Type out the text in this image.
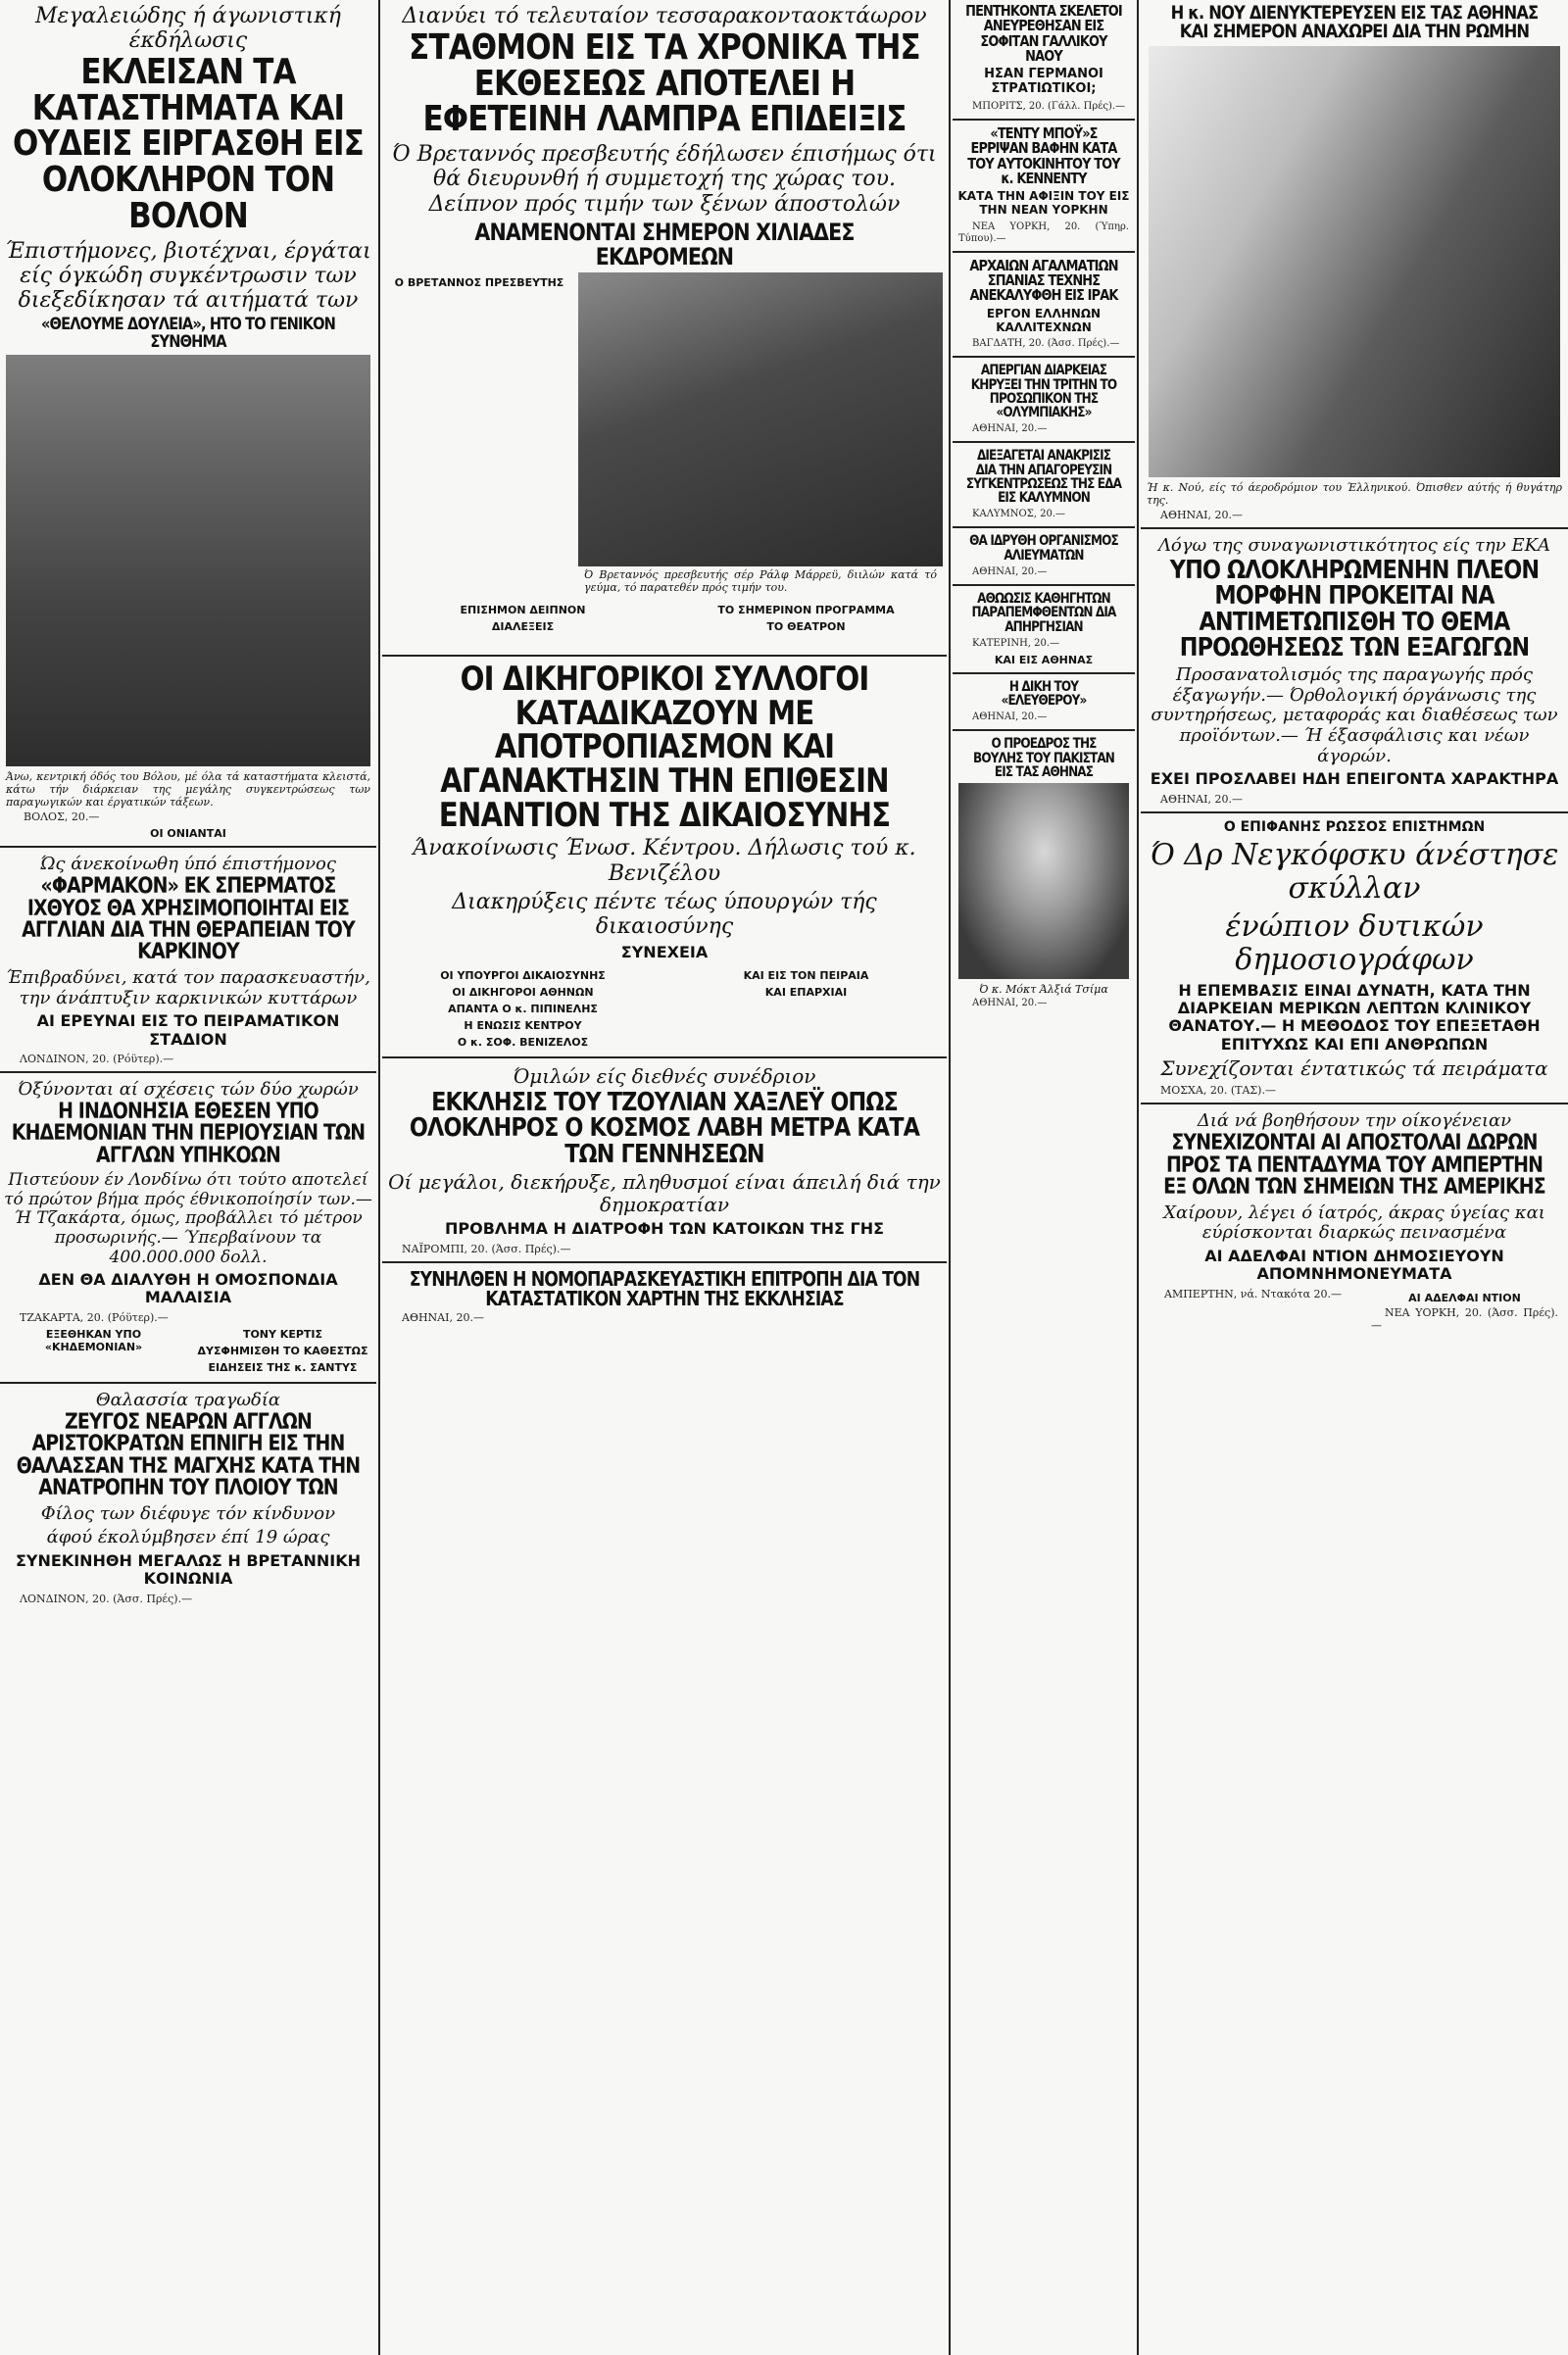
Μεγαλειώδης ή άγωνιστική έκδήλωσις
ΕΚΛΕΙΣΑΝ ΤΑ ΚΑΤΑΣΤΗΜΑΤΑ ΚΑΙ ΟΥΔΕΙΣ ΕΙΡΓΑΣΘΗ ΕΙΣ ΟΛΟΚΛΗΡΟΝ ΤΟΝ ΒΟΛΟΝ
Έπιστήμονες, βιοτέχναι, έργάται είς όγκώδη συγκέντρωσιν των διεξεδίκησαν τά αιτήματά των
«ΘΕΛΟΥΜΕ ΔΟΥΛΕΙΑ», ΗΤΟ ΤΟ ΓΕΝΙΚΟΝ ΣΥΝΘΗΜΑ
Άνω, κεντρική όδός του Βόλου, μέ όλα τά καταστήματα κλειστά, κάτω τήν διάρκειαν της μεγάλης συγκεντρώσεως των παραγωγικών και έργατικών τάξεων.

ΒΟΛΟΣ, 20.—

ΟΙ ΟΝΙΑΝΤΑΙ
Ώς άνεκοίνωθη ύπό έπιστήμονος
«ΦΑΡΜΑΚΟΝ» ΕΚ ΣΠΕΡΜΑΤΟΣ ΙΧΘΥΟΣ ΘΑ ΧΡΗΣΙΜΟΠΟΙΗΤΑΙ ΕΙΣ ΑΓΓΛΙΑΝ ΔΙΑ ΤΗΝ ΘΕΡΑΠΕΙΑΝ ΤΟΥ ΚΑΡΚΙΝΟΥ
Έπιβραδύνει, κατά τον παρασκευαστήν, την άνάπτυξιν καρκινικών κυττάρων
ΑΙ ΕΡΕΥΝΑΙ ΕΙΣ ΤΟ ΠΕΙΡΑΜΑΤΙΚΟΝ ΣΤΑΔΙΟΝ

ΛΟΝΔΙΝΟΝ, 20. (Ρόϋτερ).—

Όξύνονται αί σχέσεις τών δύο χωρών
Η ΙΝΔΟΝΗΣΙΑ ΕΘΕΣΕΝ ΥΠΟ ΚΗΔΕΜΟΝΙΑΝ ΤΗΝ ΠΕΡΙΟΥΣΙΑΝ ΤΩΝ ΑΓΓΛΩΝ ΥΠΗΚΟΩΝ
Πιστεύουν έν Λονδίνω ότι τούτο αποτελεί τό πρώτον βήμα πρός έθνικοποίησίν των.— Ή Τζακάρτα, όμως, προβάλλει τό μέτρον προσωρινής.— Ύπερβαίνουν τα 400.000.000 δολλ.
ΔΕΝ ΘΑ ΔΙΑΛΥΘΗ Η ΟΜΟΣΠΟΝΔΙΑ ΜΑΛΑΙΣΙΑ

ΤΖΑΚΑΡΤΑ, 20. (Ρόϋτερ).—

ΕΞΕΘΗΚΑΝ ΥΠΟ «ΚΗΔΕΜΟΝΙΑΝ»
ΤΟΝΥ ΚΕΡΤΙΣ
ΔΥΣΦΗΜΙΣΘΗ ΤΟ ΚΑΘΕΣΤΩΣ
ΕΙΔΗΣΕΙΣ ΤΗΣ κ. ΣΑΝΤΥΣ
Θαλασσία τραγωδία
ΖΕΥΓΟΣ ΝΕΑΡΩΝ ΑΓΓΛΩΝ ΑΡΙΣΤΟΚΡΑΤΩΝ ΕΠΝΙΓΗ ΕΙΣ ΤΗΝ ΘΑΛΑΣΣΑΝ ΤΗΣ ΜΑΓΧΗΣ ΚΑΤΑ ΤΗΝ ΑΝΑΤΡΟΠΗΝ ΤΟΥ ΠΛΟΙΟΥ ΤΩΝ
Φίλος των διέφυγε τόν κίνδυνον
άφού έκολύμβησεν έπί 19 ώρας
ΣΥΝΕΚΙΝΗΘΗ ΜΕΓΑΛΩΣ Η ΒΡΕΤΑΝΝΙΚΗ ΚΟΙΝΩΝΙΑ

ΛΟΝΔΙΝΟΝ, 20. (Άσσ. Πρές).—

Διανύει τό τελευταίον τεσσαρακονταοκτάωρον
ΣΤΑΘΜΟΝ ΕΙΣ ΤΑ ΧΡΟΝΙΚΑ ΤΗΣ ΕΚΘΕΣΕΩΣ ΑΠΟΤΕΛΕΙ Η ΕΦΕΤΕΙΝΗ ΛΑΜΠΡΑ ΕΠΙΔΕΙΞΙΣ
Ό Βρεταννός πρεσβευτής έδήλωσεν έπισήμως ότι θά διευρυνθή ή συμμετοχή της χώρας του. Δείπνον πρός τιμήν των ξένων άποστολών
ΑΝΑΜΕΝΟΝΤΑΙ ΣΗΜΕΡΟΝ ΧΙΛΙΑΔΕΣ ΕΚΔΡΟΜΕΩΝ
Ο ΒΡΕΤΑΝΝΟΣ ΠΡΕΣΒΕΥΤΗΣ
Ό Βρεταννός πρεσβευτής σέρ Ράλφ Μάρρεϋ, διιλών κατά τό γεύμα, τό παρατεθέν πρός τιμήν του.
ΕΠΙΣΗΜΟΝ ΔΕΙΠΝΟΝ
ΔΙΑΛΕΞΕΙΣ
ΤΟ ΣΗΜΕΡΙΝΟΝ ΠΡΟΓΡΑΜΜΑ
ΤΟ ΘΕΑΤΡΟΝ
ΟΙ ΔΙΚΗΓΟΡΙΚΟΙ ΣΥΛΛΟΓΟΙ ΚΑΤΑΔΙΚΑΖΟΥΝ ΜΕ ΑΠΟΤΡΟΠΙΑΣΜΟΝ ΚΑΙ ΑΓΑΝΑΚΤΗΣΙΝ ΤΗΝ ΕΠΙΘΕΣΙΝ ΕΝΑΝΤΙΟΝ ΤΗΣ ΔΙΚΑΙΟΣΥΝΗΣ
Άνακοίνωσις Ένωσ. Κέντρου. Δήλωσις τού κ. Βενιζέλου
Διακηρύξεις πέντε τέως ύπουργών τής δικαιοσύνης
ΣΥΝΕΧΕΙΑ
ΟΙ ΥΠΟΥΡΓΟΙ ΔΙΚΑΙΟΣΥΝΗΣ
ΟΙ ΔΙΚΗΓΟΡΟΙ ΑΘΗΝΩΝ
ΑΠΑΝΤΑ Ο κ. ΠΙΠΙΝΕΛΗΣ
Η ΕΝΩΣΙΣ ΚΕΝΤΡΟΥ
Ο κ. ΣΟΦ. ΒΕΝΙΖΕΛΟΣ
ΚΑΙ ΕΙΣ ΤΟΝ ΠΕΙΡΑΙΑ
ΚΑΙ ΕΠΑΡΧΙΑΙ
Όμιλών είς διεθνές συνέδριον
ΕΚΚΛΗΣΙΣ ΤΟΥ ΤΖΟΥΛΙΑΝ ΧΑΞΛΕΫ ΟΠΩΣ ΟΛΟΚΛΗΡΟΣ Ο ΚΟΣΜΟΣ ΛΑΒΗ ΜΕΤΡΑ ΚΑΤΑ ΤΩΝ ΓΕΝΝΗΣΕΩΝ
Οί μεγάλοι, διεκήρυξε, πληθυσμοί είναι άπειλή διά την δημοκρατίαν
ΠΡΟΒΛΗΜΑ Η ΔΙΑΤΡΟΦΗ ΤΩΝ ΚΑΤΟΙΚΩΝ ΤΗΣ ΓΗΣ

ΝΑΪΡΟΜΠΙ, 20. (Άσσ. Πρές).—

ΣΥΝΗΛΘΕΝ Η ΝΟΜΟΠΑΡΑΣΚΕΥΑΣΤΙΚΗ ΕΠΙΤΡΟΠΗ ΔΙΑ ΤΟΝ ΚΑΤΑΣΤΑΤΙΚΟΝ ΧΑΡΤΗΝ ΤΗΣ ΕΚΚΛΗΣΙΑΣ

ΑΘΗΝΑΙ, 20.—

ΠΕΝΤΗΚΟΝΤΑ ΣΚΕΛΕΤΟΙ ΑΝΕΥΡΕΘΗΣΑΝ ΕΙΣ ΣΟΦΙΤΑΝ ΓΑΛΛΙΚΟΥ ΝΑΟΥ
ΗΣΑΝ ΓΕΡΜΑΝΟΙ ΣΤΡΑΤΙΩΤΙΚΟΙ;

ΜΠΟΡΙΤΣ, 20. (Γάλλ. Πρές).—

«ΤΕΝΤΥ ΜΠΟΫ»Σ ΕΡΡΙΨΑΝ ΒΑΦΗΝ ΚΑΤΑ ΤΟΥ ΑΥΤΟΚΙΝΗΤΟΥ ΤΟΥ κ. ΚΕΝΝΕΝΤΥ
ΚΑΤΑ ΤΗΝ ΑΦΙΞΙΝ ΤΟΥ ΕΙΣ ΤΗΝ ΝΕΑΝ ΥΟΡΚΗΝ

ΝΕΑ ΥΟΡΚΗ, 20. (Ύπηρ. Τύπου).—

ΑΡΧΑΙΩΝ ΑΓΑΛΜΑΤΙΩΝ ΣΠΑΝΙΑΣ ΤΕΧΝΗΣ ΑΝΕΚΑΛΥΦΘΗ ΕΙΣ ΙΡΑΚ
ΕΡΓΟΝ ΕΛΛΗΝΩΝ ΚΑΛΛΙΤΕΧΝΩΝ

ΒΑΓΔΑΤΗ, 20. (Άσσ. Πρές).—

ΑΠΕΡΓΙΑΝ ΔΙΑΡΚΕΙΑΣ ΚΗΡΥΞΕΙ ΤΗΝ ΤΡΙΤΗΝ ΤΟ ΠΡΟΣΩΠΙΚΟΝ ΤΗΣ «ΟΛΥΜΠΙΑΚΗΣ»

ΑΘΗΝΑΙ, 20.—

ΔΙΕΞΑΓΕΤΑΙ ΑΝΑΚΡΙΣΙΣ ΔΙΑ ΤΗΝ ΑΠΑΓΟΡΕΥΣΙΝ ΣΥΓΚΕΝΤΡΩΣΕΩΣ ΤΗΣ ΕΔΑ ΕΙΣ ΚΑΛΥΜΝΟΝ

ΚΑΛΥΜΝΟΣ, 20.—

ΘΑ ΙΔΡΥΘΗ ΟΡΓΑΝΙΣΜΟΣ ΑΛΙΕΥΜΑΤΩΝ

ΑΘΗΝΑΙ, 20.—

ΑΘΩΩΣΙΣ ΚΑΘΗΓΗΤΩΝ ΠΑΡΑΠΕΜΦΘΕΝΤΩΝ ΔΙΑ ΑΠΗΡΓΗΣΙΑΝ

ΚΑΤΕΡΙΝΗ, 20.—

ΚΑΙ ΕΙΣ ΑΘΗΝΑΣ
Η ΔΙΚΗ ΤΟΥ «ΕΛΕΥΘΕΡΟΥ»

ΑΘΗΝΑΙ, 20.—

Ο ΠΡΟΕΔΡΟΣ ΤΗΣ ΒΟΥΛΗΣ ΤΟΥ ΠΑΚΙΣΤΑΝ ΕΙΣ ΤΑΣ ΑΘΗΝΑΣ
Ό κ. Μόκτ Άλξιά Τσίμα

ΑΘΗΝΑΙ, 20.—

Η κ. ΝΟΥ ΔΙΕΝΥΚΤΕΡΕΥΣΕΝ ΕΙΣ ΤΑΣ ΑΘΗΝΑΣ ΚΑΙ ΣΗΜΕΡΟΝ ΑΝΑΧΩΡΕΙ ΔΙΑ ΤΗΝ ΡΩΜΗΝ
Ή κ. Νού, είς τό άεροδρόμιον του Έλληνικού. Όπισθεν αύτής ή θυγάτηρ της.

ΑΘΗΝΑΙ, 20.—

Λόγω της συναγωνιστικότητος είς την ΕΚΑ
ΥΠΟ ΩΛΟΚΛΗΡΩΜΕΝΗΝ ΠΛΕΟΝ ΜΟΡΦΗΝ ΠΡΟΚΕΙΤΑΙ ΝΑ ΑΝΤΙΜΕΤΩΠΙΣΘΗ ΤΟ ΘΕΜΑ ΠΡΟΩΘΗΣΕΩΣ ΤΩΝ ΕΞΑΓΩΓΩΝ
Προσανατολισμός της παραγωγής πρός έξαγωγήν.— Όρθολογική όργάνωσις της συντηρήσεως, μεταφοράς και διαθέσεως των προϊόντων.— Ή έξασφάλισις και νέων άγορών.
ΕΧΕΙ ΠΡΟΣΛΑΒΕΙ ΗΔΗ ΕΠΕΙΓΟΝΤΑ ΧΑΡΑΚΤΗΡΑ

ΑΘΗΝΑΙ, 20.—

Ο ΕΠΙΦΑΝΗΣ ΡΩΣΣΟΣ ΕΠΙΣΤΗΜΩΝ
Ό Δρ Νεγκόφσκυ άνέστησε σκύλλαν
ένώπιον δυτικών δημοσιογράφων
Η ΕΠΕΜΒΑΣΙΣ ΕΙΝΑΙ ΔΥΝΑΤΗ, ΚΑΤΑ ΤΗΝ ΔΙΑΡΚΕΙΑΝ ΜΕΡΙΚΩΝ ΛΕΠΤΩΝ ΚΛΙΝΙΚΟΥ ΘΑΝΑΤΟΥ.— Η ΜΕΘΟΔΟΣ ΤΟΥ ΕΠΕΞΕΤΑΘΗ ΕΠΙΤΥΧΩΣ ΚΑΙ ΕΠΙ ΑΝΘΡΩΠΩΝ
Συνεχίζονται έντατικώς τά πειράματα

ΜΟΣΧΑ, 20. (ΤΑΣ).—

Διά νά βοηθήσουν την οίκογένειαν
ΣΥΝΕΧΙΖΟΝΤΑΙ ΑΙ ΑΠΟΣΤΟΛΑΙ ΔΩΡΩΝ ΠΡΟΣ ΤΑ ΠΕΝΤΑΔΥΜΑ ΤΟΥ ΑΜΠΕΡΤΗΝ ΕΞ ΟΛΩΝ ΤΩΝ ΣΗΜΕΙΩΝ ΤΗΣ ΑΜΕΡΙΚΗΣ
Χαίρουν, λέγει ό ίατρός, άκρας ύγείας και εύρίσκονται διαρκώς πεινασμένα
ΑΙ ΑΔΕΛΦΑΙ ΝΤΙΟΝ ΔΗΜΟΣΙΕΥΟΥΝ ΑΠΟΜΝΗΜΟΝΕΥΜΑΤΑ

ΑΜΠΕΡΤΗΝ, νά. Ντακότα 20.—	ΑΙ ΑΔΕΛΦΑΙ ΝΤΙΟΝ

ΝΕΑ ΥΟΡΚΗ, 20. (Άσσ. Πρές).—
